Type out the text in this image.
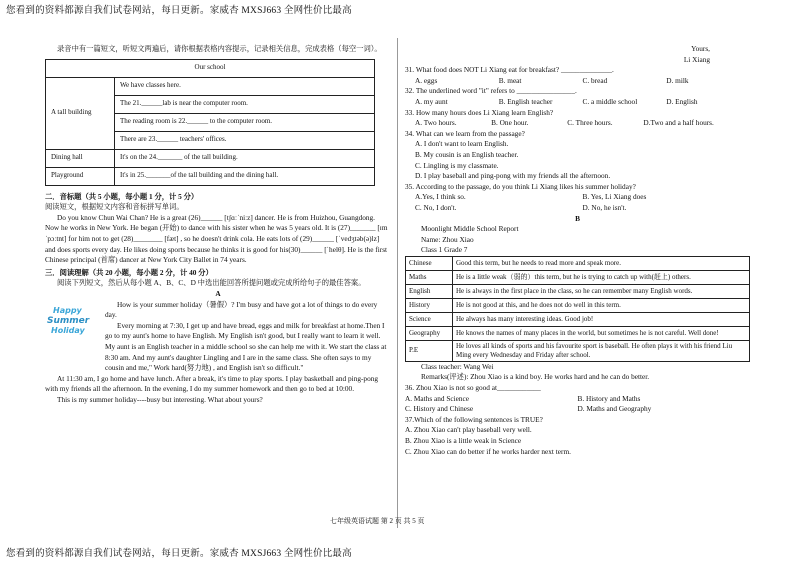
您看到的资料都源自我们试卷网站，每日更新。家威杏 MXSJ663 全网性价比最高

录音中有一篇短文，听短文两遍后，请你根据表格内容提示，记录相关信息，完成表格（每空一词）。

Our school	
A tall building	We have classes here.
	The 21.______lab is near the computer room.
	The reading room is 22.______ to the computer room.
	There are 23.______ teachers' offices.
Dining hall	It's on the 24._______ of the tall building.
Playground	It's in 25._______of the tall building and the dining hall.

二．音标题（共 5 小题，每小题 1 分，计 5 分）

阅读短文，根据短文内容和音标拼写单词。

Do you know Chun Wai Chan? He is a great (26)______ [tʃɑːˈniːz] dancer. He is from Huizhou, Guangdong. Now he works in New York. He began (开始) to dance with his sister when he was 5 years old. It is (27)_______ [ɪmˈpɔːtnt] for him not to get (28)________ [fæt] , so he doesn't drink cola. He eats lots of (29)______ [ˈvedʒtəb(ə)lz] and does sports every day. He likes doing sports because he thinks it is good for his(30)______ [ˈhelθ]. He is the first Chinese principal (首席) dancer at New York City Ballet in 74 years.

三．阅读理解（共 20 小题，每小题 2 分，计 40 分）

阅读下列短文，然后从每小题 A、B、C、D 中选出能回答所提问题或完成所给句子的最佳答案。

A

Happy
Summer
Holiday

How is your summer holiday（暑假）? I'm busy and have got a lot of things to do every day.

Every morning at 7:30, I get up and have bread, eggs and milk for breakfast at home.Then I go to my aunt's home to have English. My English isn't good, but I really want to learn it well. My aunt is an English teacher in a middle school so she can help me with it. We start the class at 8:30 am. And my aunt's daughter Lingling and I are in the same class. She often says to my cousin and me," Work hard(努力地) , and English isn't so difficult."

At 11:30 am, I go home and have lunch. After a break, it's time to play sports. I play basketball and ping-pong with my friends all the afternoon. In the evening, I do my summer homework and then go to bed at 10:00.

This is my summer holiday----busy but interesting. What about yours?

Yours,

Li Xiang

31. What food does NOT Li Xiang eat for breakfast? ______________.

A. eggs	B. meat	C. bread	D. milk

32. The underlined word "it" refers to ________________.

A. my aunt	B. English teacher	C. a middle school	D. English

33. How many hours does Li Xiang learn English?

A. Two hours.	B. One hour.	C. Three hours.	D.Two and a half hours.

34. What can we learn from the passage?

A. I don't want to learn English.

B. My cousin is an English teacher.

C. Lingling is my classmate.

D. I play baseball and ping-pong with my friends all the afternoon.

35. According to the passage, do you think Li Xiang likes his summer holiday?

A.Yes, I think so.	B. Yes, Li Xiang does
C. No, I don't.	D. No, he isn't.

B

Moonlight Middle School Report

Name: Zhou Xiao

Class 1 Grade 7

Chinese	Good this term, but he needs to read more and speak more.
Maths	He is a little weak（弱的）this term, but he is trying to catch up with(赶上) others.
English	He is always in the first place in the class, so he can remember many English words.
History	He is not good at this, and he does not do well in this term.
Science	He always has many interesting ideas. Good job!
Geography	He knows the names of many places in the world, but sometimes he is not careful. Well done!
P.E	He loves all kinds of sports and his favourite sport is baseball. He often plays it with his friend Liu Ming every Wednesday and Friday after school.

Class teacher: Wang Wei

Remarks(评述): Zhou Xiao is a kind boy. He works hard and he can do better.

36. Zhou Xiao is not so good at____________

A. Maths and Science	B. History and Maths
C. History and Chinese	D. Maths and Geography

37.Which of the following sentences is TRUE?

A. Zhou Xiao can't play baseball very well.

B. Zhou Xiao is a little weak in Science

C. Zhou Xiao can do better if he works harder next term.

七年级英语试题 第 2 页 共 5 页
您看到的资料都源自我们试卷网站，每日更新。家威杏 MXSJ663 全网性价比最高
